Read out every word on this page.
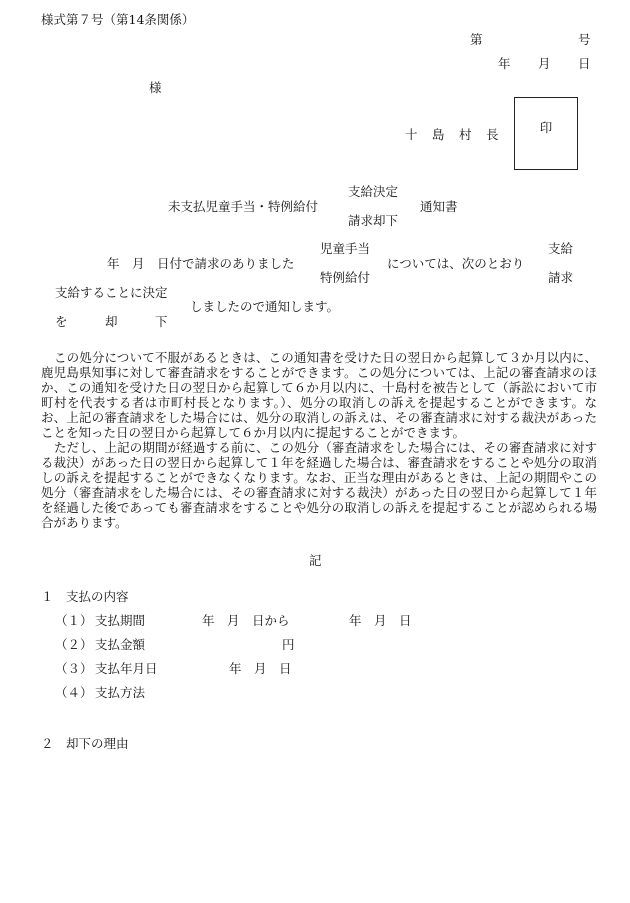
様式第７号（第14条関係）
第	号
年 月 日
様
十　島　村　長	印
支給決定
未支払児童手当・特例給付	通知書
請求却下
児童手当	支給
年　月　日付で請求のありました	については、次のとおり
特例給付	請求
支給することに決定
しましたので通知します。
を　　　却　　　下
この処分について不服があるときは、この通知書を受けた日の翌日から起算して３か月以内に、鹿児島県知事に対して審査請求をすることができます。この処分については、上記の審査請求のほか、この通知を受けた日の翌日から起算して６か月以内に、十島村を被告として（訴訟において市町村を代表する者は市町村長となります。）、処分の取消しの訴えを提起することができます。なお、上記の審査請求をした場合には、処分の取消しの訴えは、その審査請求に対する裁決があったことを知った日の翌日から起算して６か月以内に提起することができます。
ただし、上記の期間が経過する前に、この処分（審査請求をした場合には、その審査請求に対する裁決）があった日の翌日から起算して１年を経過した場合は、審査請求をすることや処分の取消しの訴えを提起することができなくなります。なお、正当な理由があるときは、上記の期間やこの処分（審査請求をした場合には、その審査請求に対する裁決）があった日の翌日から起算して１年を経過した後であっても審査請求をすることや処分の取消しの訴えを提起することが認められる場合があります。
記
１　支払の内容
（１） 支払期間	年　月　日から	年　月　日
（２） 支払金額	円
（３） 支払年月日	年　月　日
（４） 支払方法
２　却下の理由
